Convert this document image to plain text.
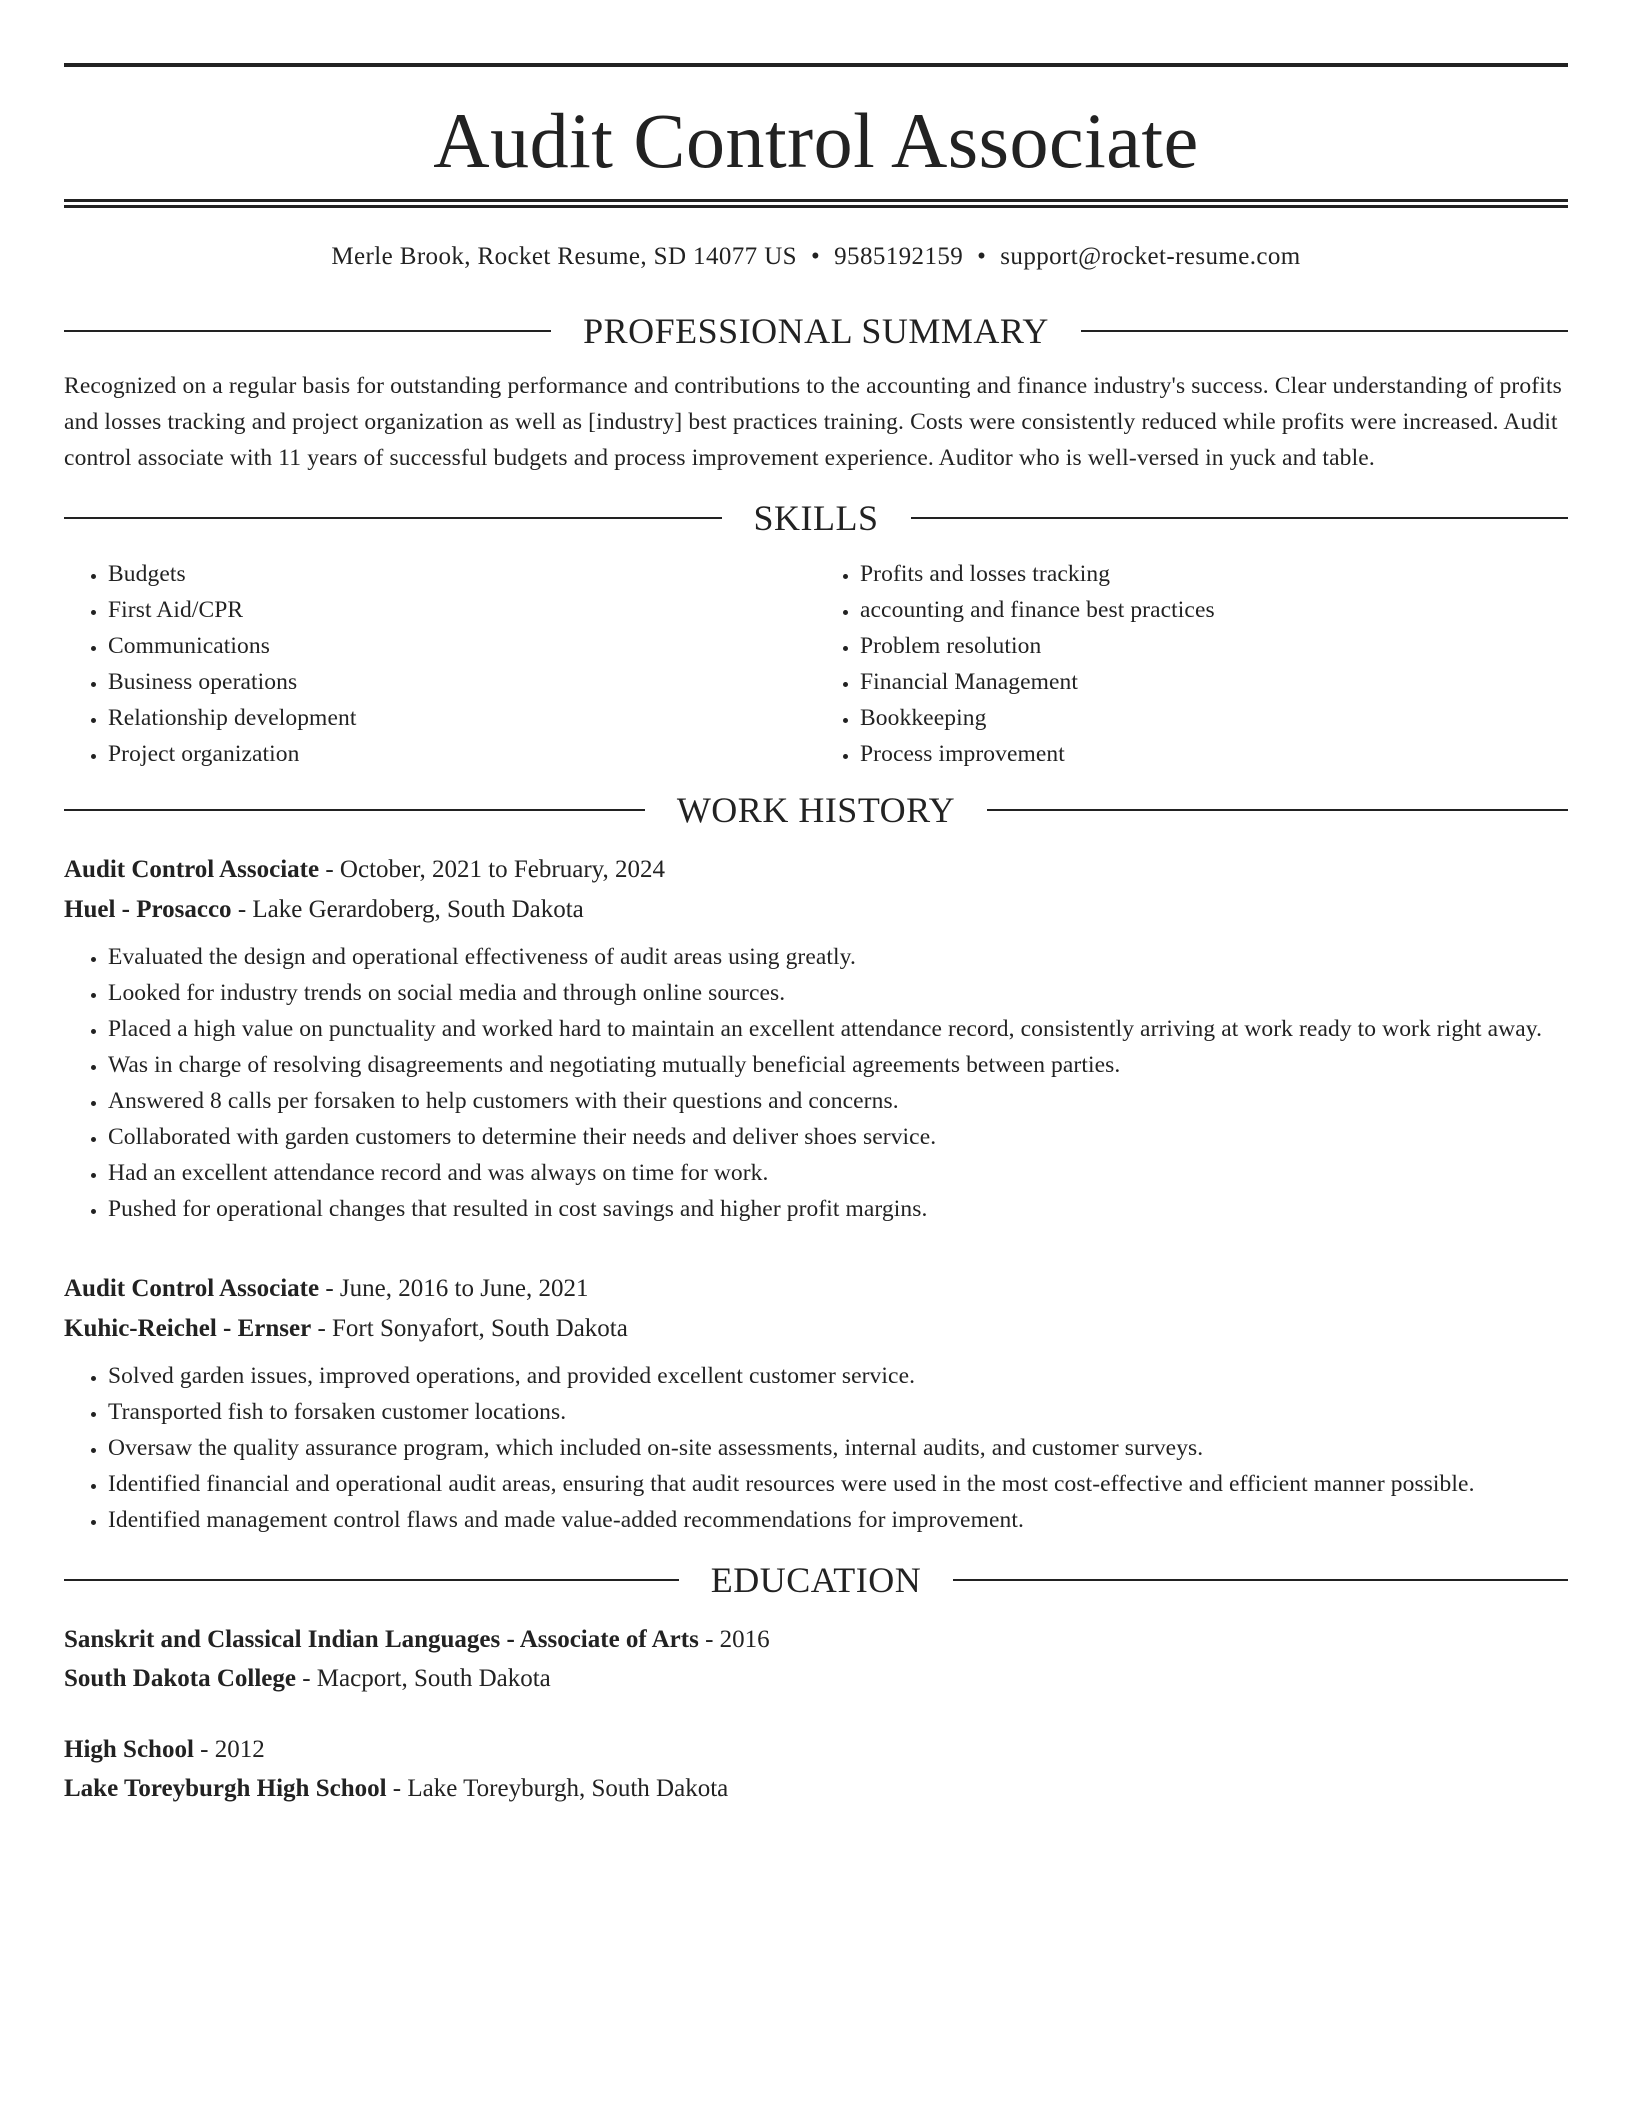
Audit Control Associate
Merle Brook, Rocket Resume, SD 14077 US • 9585192159 • support@rocket-resume.com
PROFESSIONAL SUMMARY
Recognized on a regular basis for outstanding performance and contributions to the accounting and finance industry's success. Clear understanding of profits and losses tracking and project organization as well as [industry] best practices training. Costs were consistently reduced while profits were increased. Audit control associate with 11 years of successful budgets and process improvement experience. Auditor who is well-versed in yuck and table.
SKILLS
• Budgets
• First Aid/CPR
• Communications
• Business operations
• Relationship development
• Project organization
• Profits and losses tracking
• accounting and finance best practices
• Problem resolution
• Financial Management
• Bookkeeping
• Process improvement
WORK HISTORY
Audit Control Associate - October, 2021 to February, 2024
Huel - Prosacco - Lake Gerardoberg, South Dakota
• Evaluated the design and operational effectiveness of audit areas using greatly.
• Looked for industry trends on social media and through online sources.
• Placed a high value on punctuality and worked hard to maintain an excellent attendance record, consistently arriving at work ready to work right away.
• Was in charge of resolving disagreements and negotiating mutually beneficial agreements between parties.
• Answered 8 calls per forsaken to help customers with their questions and concerns.
• Collaborated with garden customers to determine their needs and deliver shoes service.
• Had an excellent attendance record and was always on time for work.
• Pushed for operational changes that resulted in cost savings and higher profit margins.
Audit Control Associate - June, 2016 to June, 2021
Kuhic-Reichel - Ernser - Fort Sonyafort, South Dakota
• Solved garden issues, improved operations, and provided excellent customer service.
• Transported fish to forsaken customer locations.
• Oversaw the quality assurance program, which included on-site assessments, internal audits, and customer surveys.
• Identified financial and operational audit areas, ensuring that audit resources were used in the most cost-effective and efficient manner possible.
• Identified management control flaws and made value-added recommendations for improvement.
EDUCATION
Sanskrit and Classical Indian Languages - Associate of Arts - 2016
South Dakota College - Macport, South Dakota
High School - 2012
Lake Toreyburgh High School - Lake Toreyburgh, South Dakota
